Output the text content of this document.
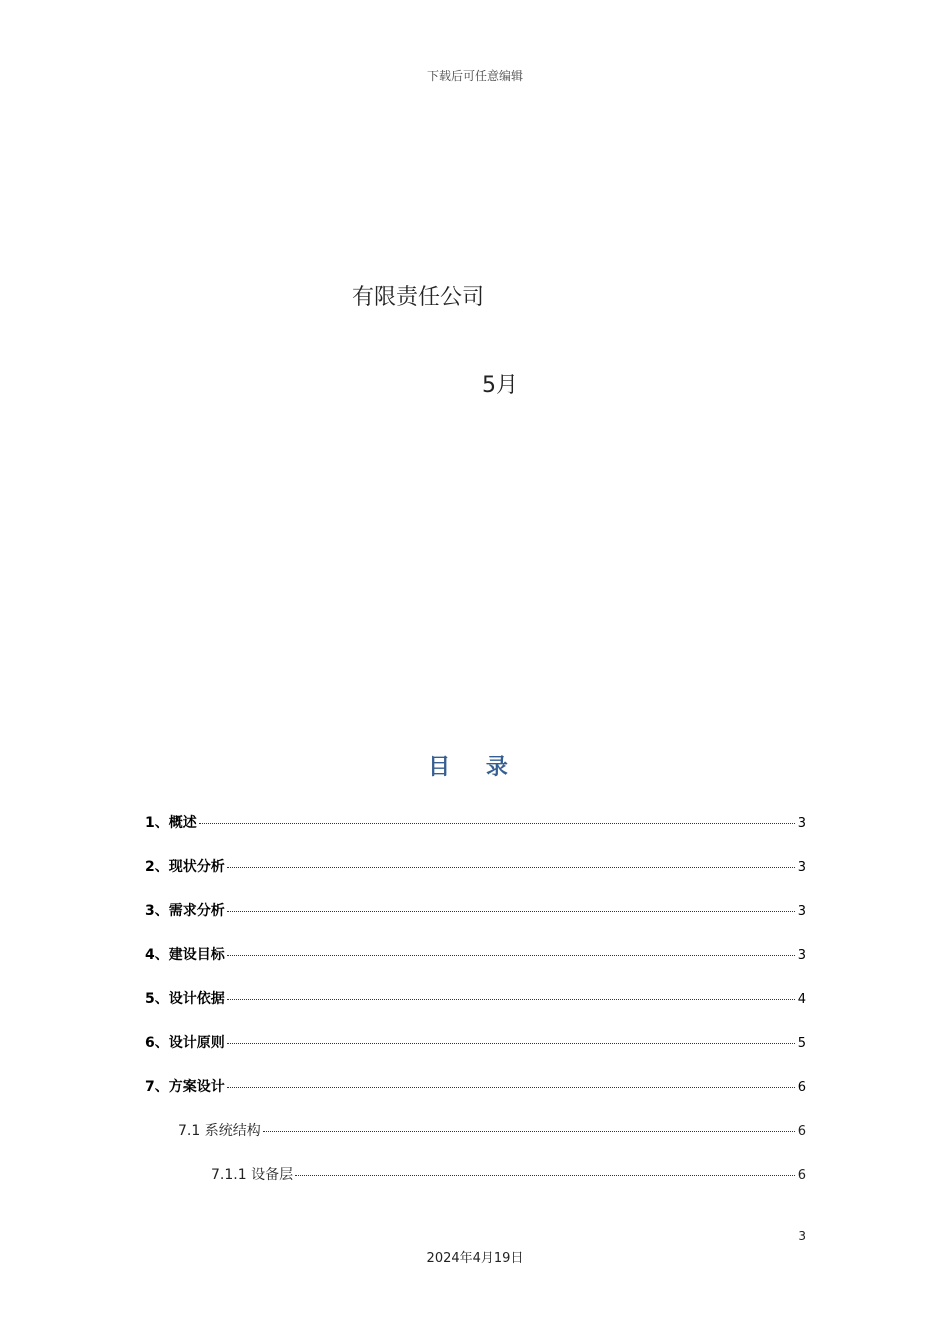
下载后可任意编辑
有限责任公司
5月
目 录
1、概述	3
2、现状分析	3
3、需求分析	3
4、建设目标	3
5、设计依据	4
6、设计原则	5
7、方案设计	6
7.1 系统结构	6
7.1.1 设备层	6
3
2024年4月19日
